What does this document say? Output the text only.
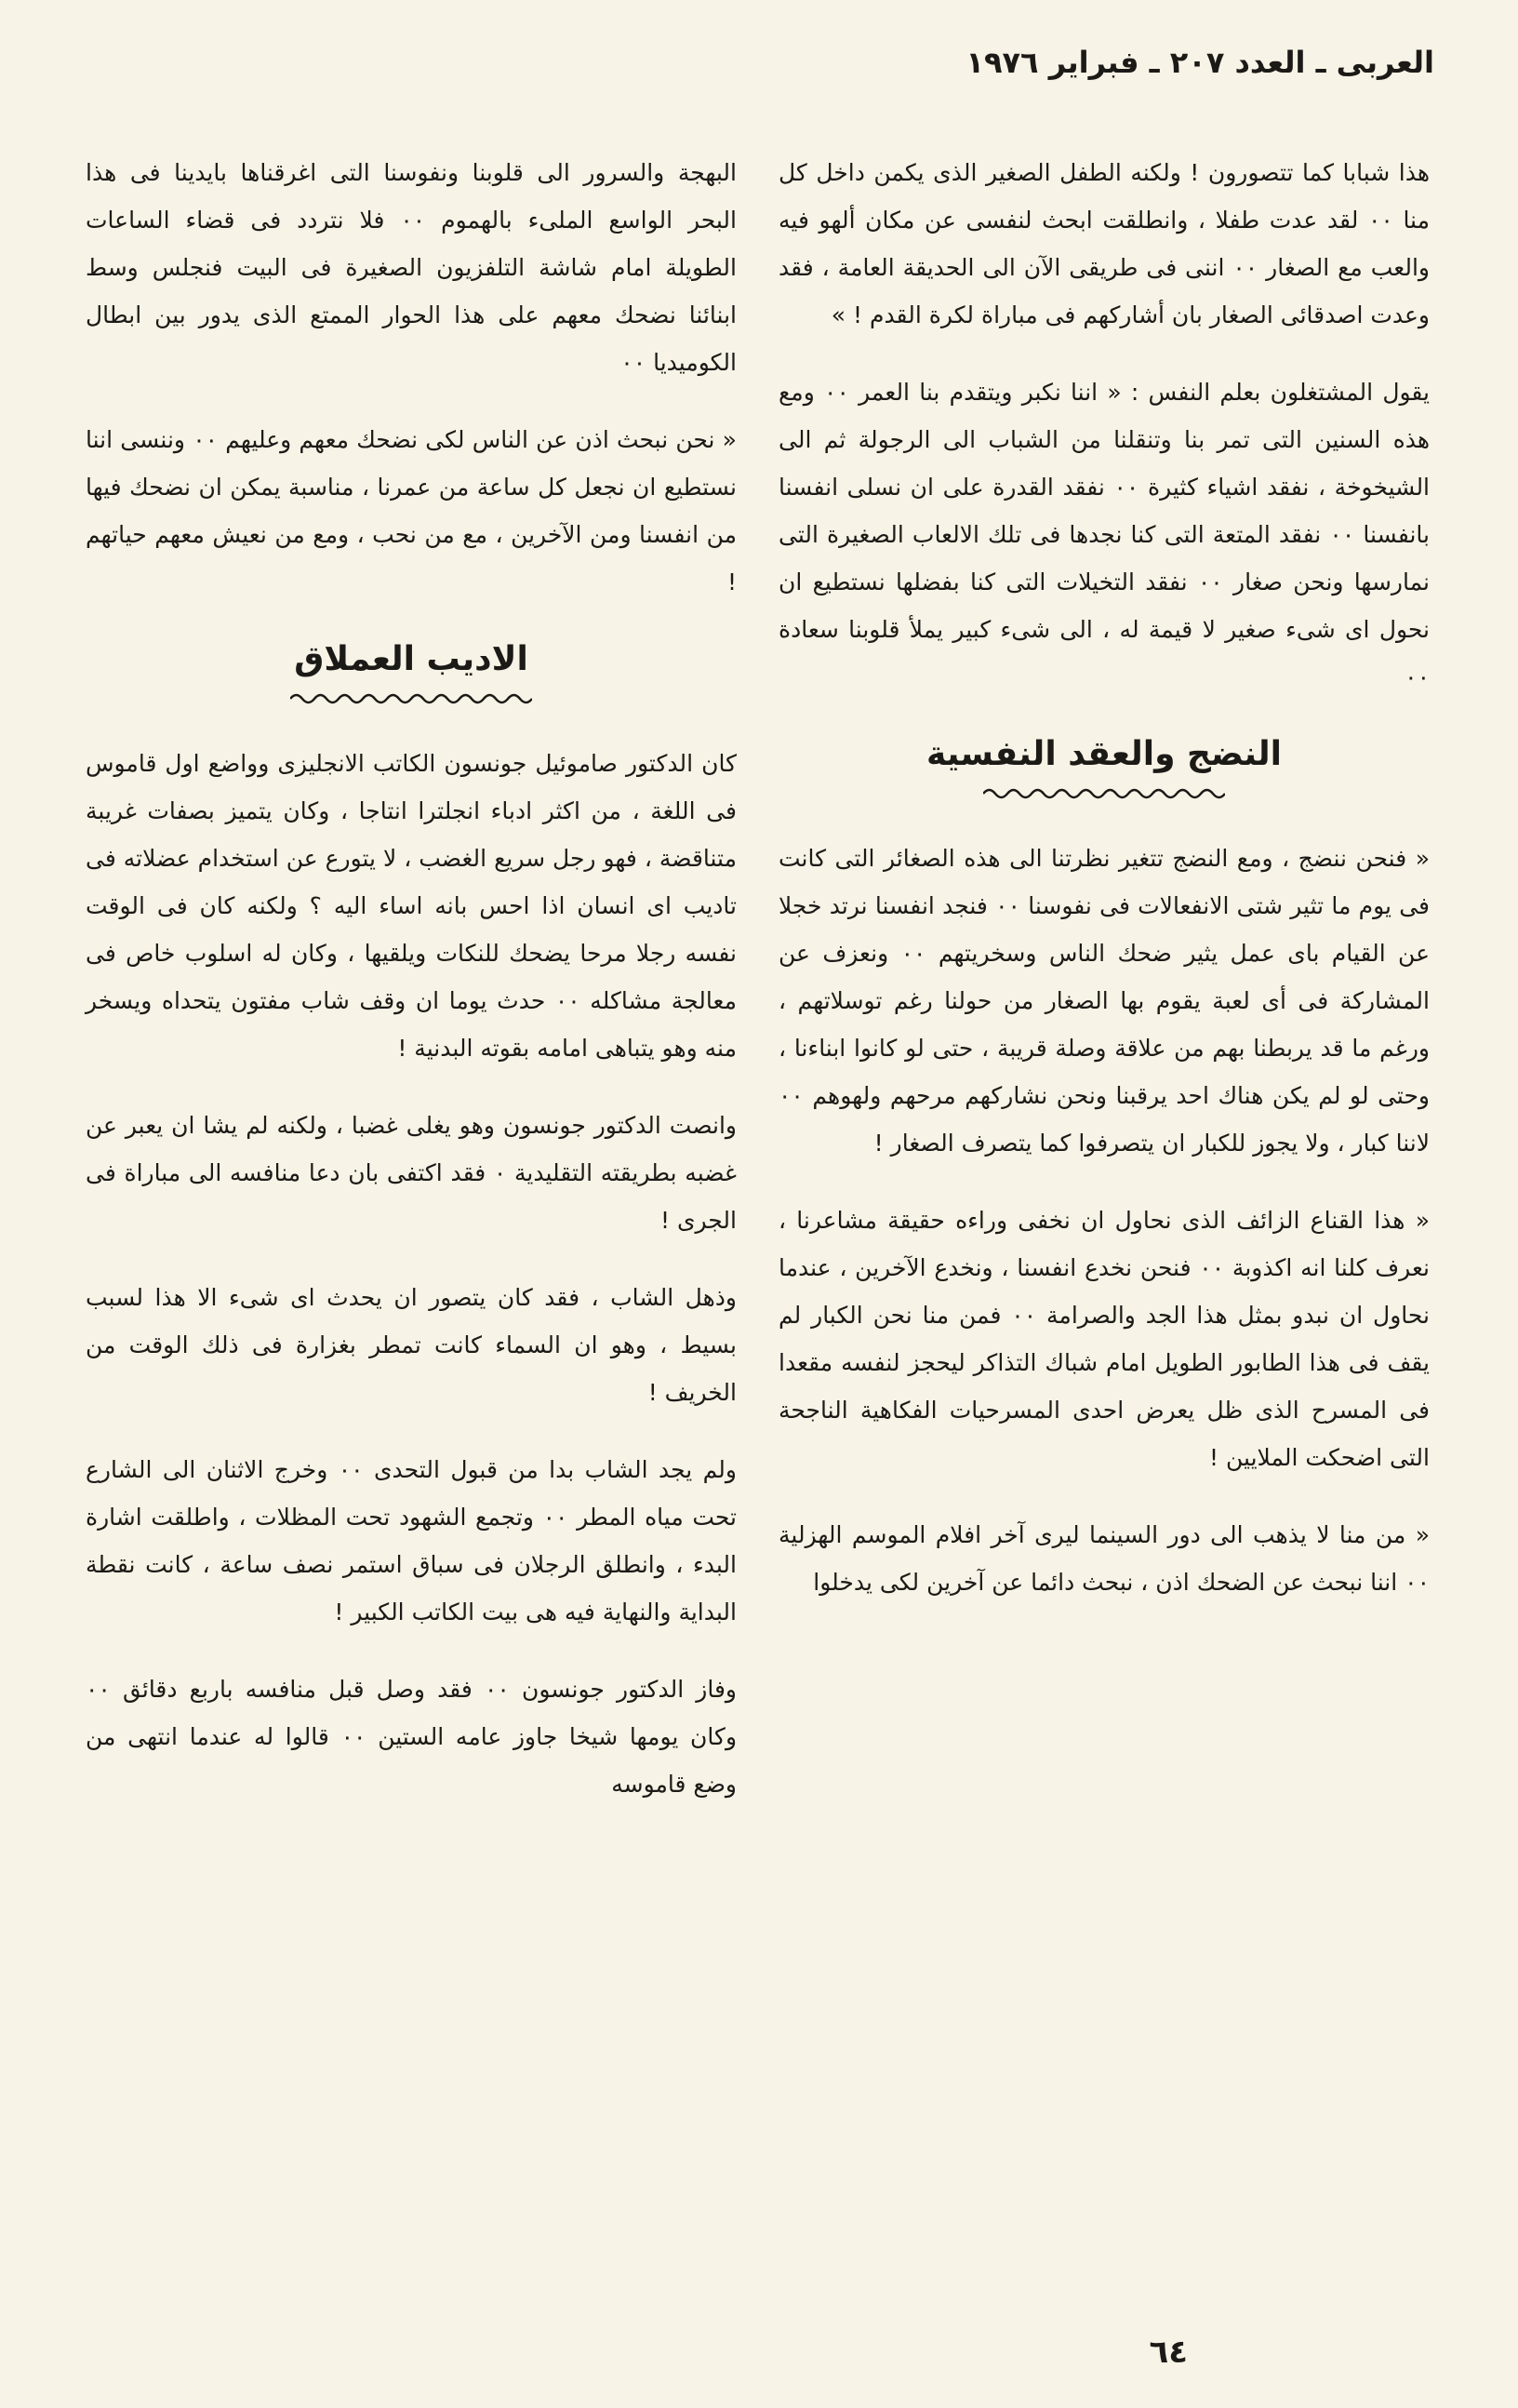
العربى ـ العدد ٢٠٧ ـ فبراير ١٩٧٦

هذا شبابا كما تتصورون ! ولكنه الطفل الصغير الذى يكمن داخل كل منا ٠٠ لقد عدت طفلا ، وانطلقت ابحث لنفسى عن مكان ألهو فيه والعب مع الصغار ٠٠ اننى فى طريقى الآن الى الحديقة العامة ، فقد وعدت اصدقائى الصغار بان أشاركهم فى مباراة لكرة القدم ! »

يقول المشتغلون بعلم النفس : « اننا نكبر ويتقدم بنا العمر ٠٠ ومع هذه السنين التى تمر بنا وتنقلنا من الشباب الى الرجولة ثم الى الشيخوخة ، نفقد اشياء كثيرة ٠٠ نفقد القدرة على ان نسلى انفسنا بانفسنا ٠٠ نفقد المتعة التى كنا نجدها فى تلك الالعاب الصغيرة التى نمارسها ونحن صغار ٠٠ نفقد التخيلات التى كنا بفضلها نستطيع ان نحول اى شىء صغير لا قيمة له ، الى شىء كبير يملأ قلوبنا سعادة ٠٠

النضج والعقد النفسية

« فنحن ننضج ، ومع النضج تتغير نظرتنا الى هذه الصغائر التى كانت فى يوم ما تثير شتى الانفعالات فى نفوسنا ٠٠ فنجد انفسنا نرتد خجلا عن القيام باى عمل يثير ضحك الناس وسخريتهم ٠٠ ونعزف عن المشاركة فى أى لعبة يقوم بها الصغار من حولنا رغم توسلاتهم ، ورغم ما قد يربطنا بهم من علاقة وصلة قريبة ، حتى لو كانوا ابناءنا ، وحتى لو لم يكن هناك احد يرقبنا ونحن نشاركهم مرحهم ولهوهم ٠٠ لاننا كبار ، ولا يجوز للكبار ان يتصرفوا كما يتصرف الصغار !

« هذا القناع الزائف الذى نحاول ان نخفى وراءه حقيقة مشاعرنا ، نعرف كلنا انه اكذوبة ٠٠ فنحن نخدع انفسنا ، ونخدع الآخرين ، عندما نحاول ان نبدو بمثل هذا الجد والصرامة ٠٠ فمن منا نحن الكبار لم يقف فى هذا الطابور الطويل امام شباك التذاكر ليحجز لنفسه مقعدا فى المسرح الذى ظل يعرض احدى المسرحيات الفكاهية الناجحة التى اضحكت الملايين !

« من منا لا يذهب الى دور السينما ليرى آخر افلام الموسم الهزلية ٠٠ اننا نبحث عن الضحك اذن ، نبحث دائما عن آخرين لكى يدخلوا

البهجة والسرور الى قلوبنا ونفوسنا التى اغرقناها بايدينا فى هذا البحر الواسع الملىء بالهموم ٠٠ فلا نتردد فى قضاء الساعات الطويلة امام شاشة التلفزيون الصغيرة فى البيت فنجلس وسط ابنائنا نضحك معهم على هذا الحوار الممتع الذى يدور بين ابطال الكوميديا ٠٠

« نحن نبحث اذن عن الناس لكى نضحك معهم وعليهم ٠٠ وننسى اننا نستطيع ان نجعل كل ساعة من عمرنا ، مناسبة يمكن ان نضحك فيها من انفسنا ومن الآخرين ، مع من نحب ، ومع من نعيش معهم حياتهم !

الاديب العملاق

كان الدكتور صاموئيل جونسون الكاتب الانجليزى وواضع اول قاموس فى اللغة ، من اكثر ادباء انجلترا انتاجا ، وكان يتميز بصفات غريبة متناقضة ، فهو رجل سريع الغضب ، لا يتورع عن استخدام عضلاته فى تاديب اى انسان اذا احس بانه اساء اليه ؟ ولكنه كان فى الوقت نفسه رجلا مرحا يضحك للنكات ويلقيها ، وكان له اسلوب خاص فى معالجة مشاكله ٠٠ حدث يوما ان وقف شاب مفتون يتحداه ويسخر منه وهو يتباهى امامه بقوته البدنية !

وانصت الدكتور جونسون وهو يغلى غضبا ، ولكنه لم يشا ان يعبر عن غضبه بطريقته التقليدية ٠ فقد اكتفى بان دعا منافسه الى مباراة فى الجرى !

وذهل الشاب ، فقد كان يتصور ان يحدث اى شىء الا هذا لسبب بسيط ، وهو ان السماء كانت تمطر بغزارة فى ذلك الوقت من الخريف !

ولم يجد الشاب بدا من قبول التحدى ٠٠ وخرج الاثنان الى الشارع تحت مياه المطر ٠٠ وتجمع الشهود تحت المظلات ، واطلقت اشارة البدء ، وانطلق الرجلان فى سباق استمر نصف ساعة ، كانت نقطة البداية والنهاية فيه هى بيت الكاتب الكبير !

وفاز الدكتور جونسون ٠٠ فقد وصل قبل منافسه باربع دقائق ٠٠ وكان يومها شيخا جاوز عامه الستين ٠٠ قالوا له عندما انتهى من وضع قاموسه

٦٤
